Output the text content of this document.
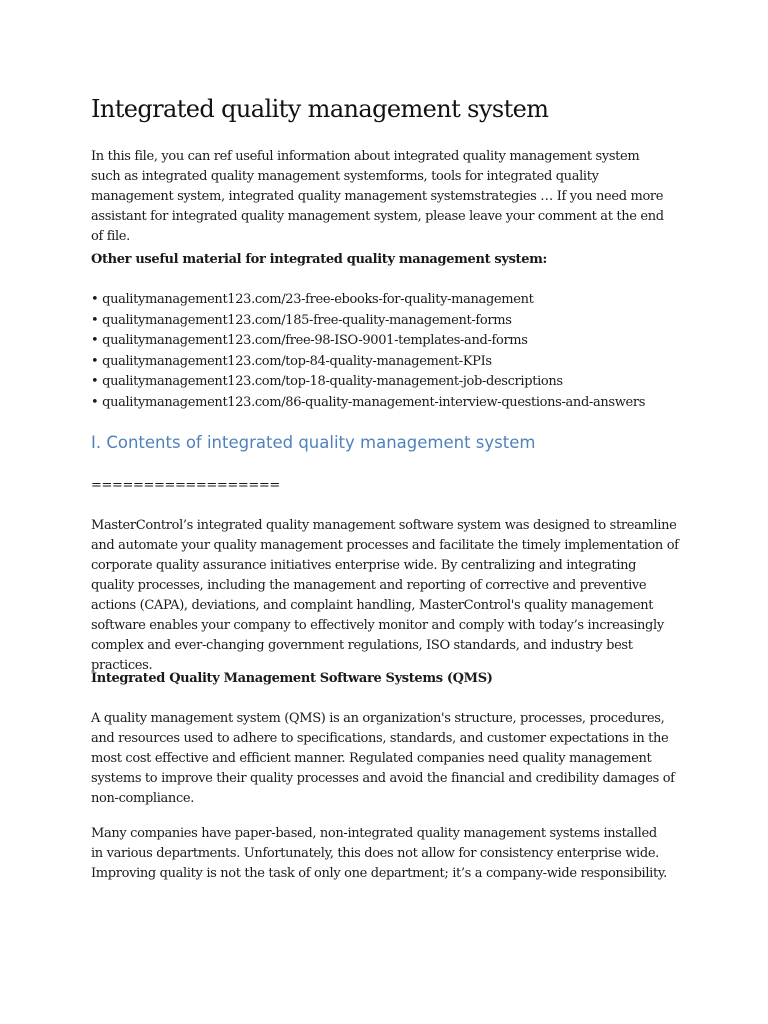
Integrated quality management system

In this file, you can ref useful information about integrated quality management system such as integrated quality management systemforms, tools for integrated quality management system, integrated quality management systemstrategies … If you need more assistant for integrated quality management system, please leave your comment at the end of file.

Other useful material for integrated quality management system:

• qualitymanagement123.com/23-free-ebooks-for-quality-management
• qualitymanagement123.com/185-free-quality-management-forms
• qualitymanagement123.com/free-98-ISO-9001-templates-and-forms
• qualitymanagement123.com/top-84-quality-management-KPIs
• qualitymanagement123.com/top-18-quality-management-job-descriptions
• qualitymanagement123.com/86-quality-management-interview-questions-and-answers
I. Contents of integrated quality management system
==================

MasterControl’s integrated quality management software system was designed to streamline and automate your quality management processes and facilitate the timely implementation of corporate quality assurance initiatives enterprise wide. By centralizing and integrating quality processes, including the management and reporting of corrective and preventive actions (CAPA), deviations, and complaint handling, MasterControl's quality management software enables your company to effectively monitor and comply with today’s increasingly complex and ever-changing government regulations, ISO standards, and industry best practices.

Integrated Quality Management Software Systems (QMS)

A quality management system (QMS) is an organization's structure, processes, procedures, and resources used to adhere to specifications, standards, and customer expectations in the most cost effective and efficient manner. Regulated companies need quality management systems to improve their quality processes and avoid the financial and credibility damages of non-compliance.

Many companies have paper-based, non-integrated quality management systems installed in various departments. Unfortunately, this does not allow for consistency enterprise wide. Improving quality is not the task of only one department; it’s a company-wide responsibility.
